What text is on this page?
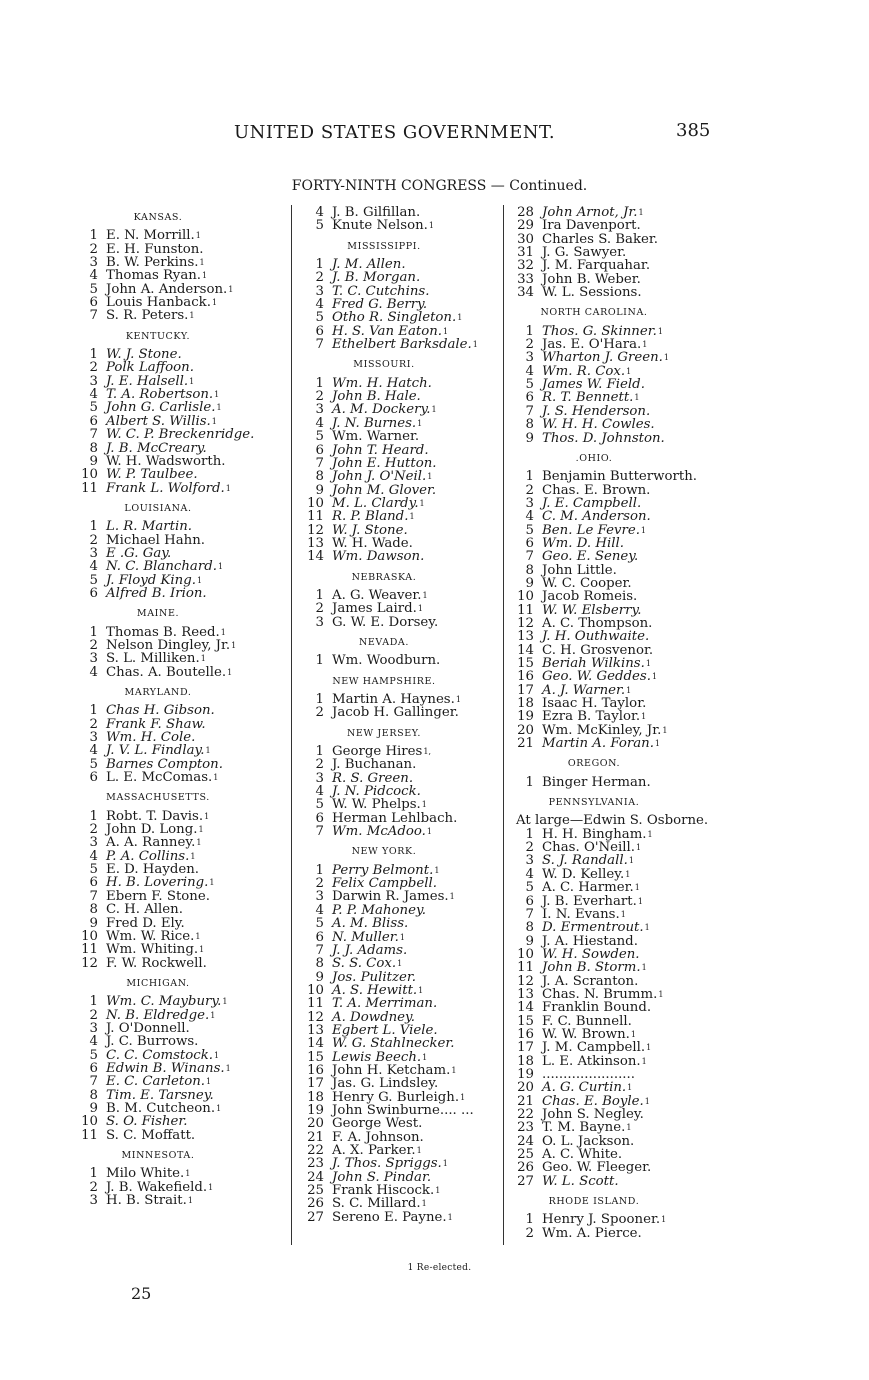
UNITED STATES GOVERNMENT.	385
FORTY-NINTH CONGRESS — Continued.
KANSAS.
1 E. N. Morrill. 1
2 E. H. Funston.
3 B. W. Perkins. 1
4 Thomas Ryan. 1
5 John A. Anderson. 1
6 Louis Hanback. 1
7 S. R. Peters. 1
KENTUCKY.
1 W. J. Stone.
2 Polk Laffoon.
3 J. E. Halsell. 1
4 T. A. Robertson. 1
5 John G. Carlisle. 1
6 Albert S. Willis. 1
7 W. C. P. Breckenridge.
8 J. B. McCreary.
9 W. H. Wadsworth.
10 W. P. Taulbee.
11 Frank L. Wolford. 1
LOUISIANA.
1 L. R. Martin.
2 Michael Hahn.
3 E .G. Gay.
4 N. C. Blanchard. 1
5 J. Floyd King. 1
6 Alfred B. Irion.
MAINE.
1 Thomas B. Reed. 1
2 Nelson Dingley, Jr. 1
3 S. L. Milliken. 1
4 Chas. A. Boutelle. 1
MARYLAND.
1 Chas H. Gibson.
2 Frank F. Shaw.
3 Wm. H. Cole.
4 J. V. L. Findlay. 1
5 Barnes Compton.
6 L. E. McComas. 1
MASSACHUSETTS.
1 Robt. T. Davis. 1
2 John D. Long. 1
3 A. A. Ranney. 1
4 P. A. Collins. 1
5 E. D. Hayden.
6 H. B. Lovering. 1
7 Ebern F. Stone.
8 C. H. Allen.
9 Fred D. Ely.
10 Wm. W. Rice. 1
11 Wm. Whiting. 1
12 F. W. Rockwell.
MICHIGAN.
1 Wm. C. Maybury. 1
2 N. B. Eldredge. 1
3 J. O'Donnell.
4 J. C. Burrows.
5 C. C. Comstock. 1
6 Edwin B. Winans. 1
7 E. C. Carleton. 1
8 Tim. E. Tarsney.
9 B. M. Cutcheon. 1
10 S. O. Fisher.
11 S. C. Moffatt.
MINNESOTA.
1 Milo White. 1
2 J. B. Wakefield. 1
3 H. B. Strait. 1
4 J. B. Gilfillan.
5 Knute Nelson. 1
MISSISSIPPI.
1 J. M. Allen.
2 J. B. Morgan.
3 T. C. Cutchins.
4 Fred G. Berry.
5 Otho R. Singleton. 1
6 H. S. Van Eaton. 1
7 Ethelbert Barksdale. 1
MISSOURI.
1 Wm. H. Hatch.
2 John B. Hale.
3 A. M. Dockery. 1
4 J. N. Burnes. 1
5 Wm. Warner.
6 John T. Heard.
7 John E. Hutton.
8 John J. O'Neil. 1
9 John M. Glover.
10 M. L. Clardy. 1
11 R. P. Bland. 1
12 W. J. Stone.
13 W. H. Wade.
14 Wm. Dawson.
NEBRASKA.
1 A. G. Weaver. 1
2 James Laird. 1
3 G. W. E. Dorsey.
NEVADA.
1 Wm. Woodburn.
NEW HAMPSHIRE.
1 Martin A. Haynes. 1
2 Jacob H. Gallinger.
NEW JERSEY.
1 George Hires 1,
2 J. Buchanan.
3 R. S. Green.
4 J. N. Pidcock.
5 W. W. Phelps. 1
6 Herman Lehlbach.
7 Wm. McAdoo. 1
NEW YORK.
1 Perry Belmont. 1
2 Felix Campbell.
3 Darwin R. James. 1
4 P. P. Mahoney.
5 A. M. Bliss.
6 N. Muller. 1
7 J. J. Adams.
8 S. S. Cox. 1
9 Jos. Pulitzer.
10 A. S. Hewitt. 1
11 T. A. Merriman.
12 A. Dowdney.
13 Egbert L. Viele.
14 W. G. Stahlnecker.
15 Lewis Beech. 1
16 John H. Ketcham. 1
17 Jas. G. Lindsley.
18 Henry G. Burleigh. 1
19 John Swinburne.... ...
20 George West.
21 F. A. Johnson.
22 A. X. Parker. 1
23 J. Thos. Spriggs. 1
24 John S. Pindar.
25 Frank Hiscock. 1
26 S. C. Millard. 1
27 Sereno E. Payne. 1
28 John Arnot, Jr. 1
29 Ira Davenport.
30 Charles S. Baker.
31 J. G. Sawyer.
32 J. M. Farquahar.
33 John B. Weber.
34 W. L. Sessions.
NORTH CAROLINA.
1 Thos. G. Skinner. 1
2 Jas. E. O'Hara. 1
3 Wharton J. Green. 1
4 Wm. R. Cox. 1
5 James W. Field.
6 R. T. Bennett. 1
7 J. S. Henderson.
8 W. H. H. Cowles.
9 Thos. D. Johnston.
.OHIO.
1 Benjamin Butterworth.
2 Chas. E. Brown.
3 J. E. Campbell.
4 C. M. Anderson.
5 Ben. Le Fevre. 1
6 Wm. D. Hill.
7 Geo. E. Seney.
8 John Little.
9 W. C. Cooper.
10 Jacob Romeis.
11 W. W. Elsberry.
12 A. C. Thompson.
13 J. H. Outhwaite.
14 C. H. Grosvenor.
15 Beriah Wilkins. 1
16 Geo. W. Geddes. 1
17 A. J. Warner. 1
18 Isaac H. Taylor.
19 Ezra B. Taylor. 1
20 Wm. McKinley, Jr. 1
21 Martin A. Foran. 1
OREGON.
1 Binger Herman.
PENNSYLVANIA.
At large—Edwin S. Osborne.
1 H. H. Bingham. 1
2 Chas. O'Neill. 1
3 S. J. Randall. 1
4 W. D. Kelley. 1
5 A. C. Harmer. 1
6 J. B. Everhart. 1
7 I. N. Evans. 1
8 D. Ermentrout. 1
9 J. A. Hiestand.
10 W. H. Sowden.
11 John B. Storm. 1
12 J. A. Scranton.
13 Chas. N. Brumm. 1
14 Franklin Bound.
15 F. C. Bunnell.
16 W. W. Brown. 1
17 J. M. Campbell. 1
18 L. E. Atkinson. 1
19 ......................
20 A. G. Curtin. 1
21 Chas. E. Boyle. 1
22 John S. Negley.
23 T. M. Bayne. 1
24 O. L. Jackson.
25 A. C. White.
26 Geo. W. Fleeger.
27 W. L. Scott.
RHODE ISLAND.
1 Henry J. Spooner. 1
2 Wm. A. Pierce.
1 Re-elected.
25
